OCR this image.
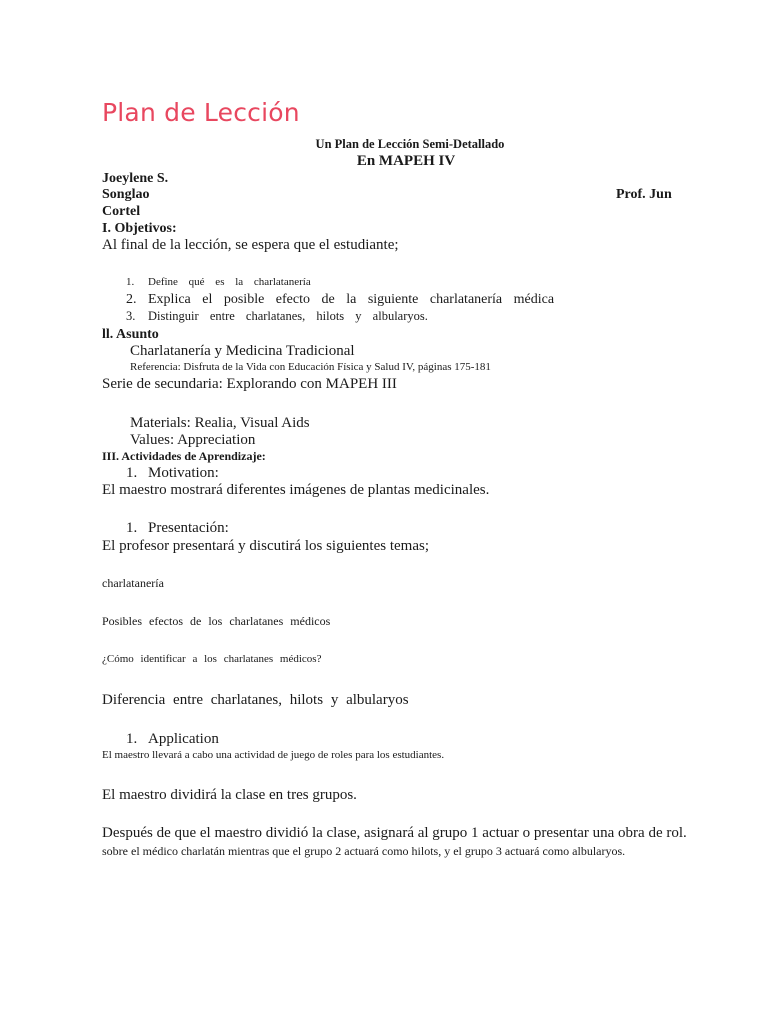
Plan de Lección
Un Plan de Lección Semi-Detallado
En MAPEH IV
Joeylene S.
Songlao	Prof. Jun
Cortel
I. Objetivos:
Al final de la lección, se espera que el estudiante;
1. Define qué es la charlatanería
2. Explica el posible efecto de la siguiente charlatanería médica
3. Distinguir entre charlatanes, hilots y albularyos.
ll. Asunto
Charlatanería y Medicina Tradicional
Referencia: Disfruta de la Vida con Educación Física y Salud IV, páginas 175-181
Serie de secundaria: Explorando con MAPEH III
Materials: Realia, Visual Aids
Values: Appreciation
III. Actividades de Aprendizaje:
1. Motivation:
El maestro mostrará diferentes imágenes de plantas medicinales.
1. Presentación:
El profesor presentará y discutirá los siguientes temas;
charlatanería
Posibles efectos de los charlatanes médicos
¿Cómo identificar a los charlatanes médicos?
Diferencia entre charlatanes, hilots y albularyos
1. Application
El maestro llevará a cabo una actividad de juego de roles para los estudiantes.
El maestro dividirá la clase en tres grupos.
Después de que el maestro dividió la clase, asignará al grupo 1 actuar o presentar una obra de rol.
sobre el médico charlatán mientras que el grupo 2 actuará como hilots, y el grupo 3 actuará como albularyos.
